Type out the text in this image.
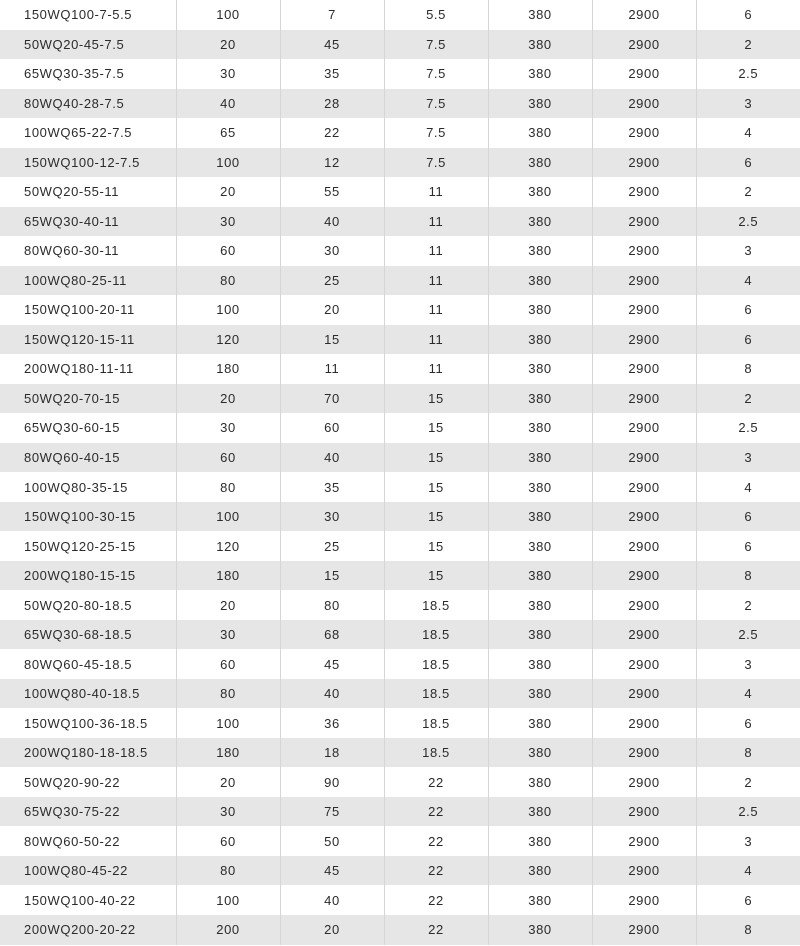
150WQ100-7-5.5	100	7	5.5	380	2900	6
50WQ20-45-7.5	20	45	7.5	380	2900	2
65WQ30-35-7.5	30	35	7.5	380	2900	2.5
80WQ40-28-7.5	40	28	7.5	380	2900	3
100WQ65-22-7.5	65	22	7.5	380	2900	4
150WQ100-12-7.5	100	12	7.5	380	2900	6
50WQ20-55-11	20	55	11	380	2900	2
65WQ30-40-11	30	40	11	380	2900	2.5
80WQ60-30-11	60	30	11	380	2900	3
100WQ80-25-11	80	25	11	380	2900	4
150WQ100-20-11	100	20	11	380	2900	6
150WQ120-15-11	120	15	11	380	2900	6
200WQ180-11-11	180	11	11	380	2900	8
50WQ20-70-15	20	70	15	380	2900	2
65WQ30-60-15	30	60	15	380	2900	2.5
80WQ60-40-15	60	40	15	380	2900	3
100WQ80-35-15	80	35	15	380	2900	4
150WQ100-30-15	100	30	15	380	2900	6
150WQ120-25-15	120	25	15	380	2900	6
200WQ180-15-15	180	15	15	380	2900	8
50WQ20-80-18.5	20	80	18.5	380	2900	2
65WQ30-68-18.5	30	68	18.5	380	2900	2.5
80WQ60-45-18.5	60	45	18.5	380	2900	3
100WQ80-40-18.5	80	40	18.5	380	2900	4
150WQ100-36-18.5	100	36	18.5	380	2900	6
200WQ180-18-18.5	180	18	18.5	380	2900	8
50WQ20-90-22	20	90	22	380	2900	2
65WQ30-75-22	30	75	22	380	2900	2.5
80WQ60-50-22	60	50	22	380	2900	3
100WQ80-45-22	80	45	22	380	2900	4
150WQ100-40-22	100	40	22	380	2900	6
200WQ200-20-22	200	20	22	380	2900	8
